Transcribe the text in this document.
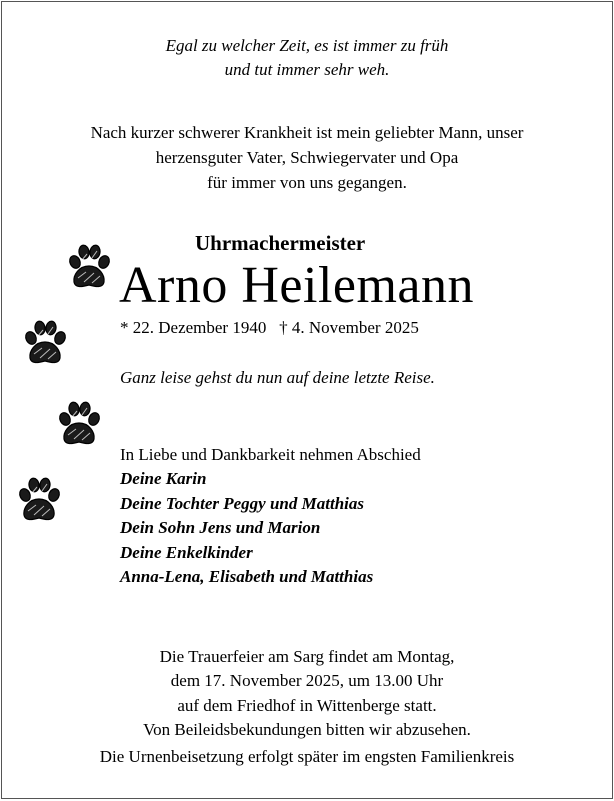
Egal zu welcher Zeit, es ist immer zu früh
und tut immer sehr weh.
Nach kurzer schwerer Krankheit ist mein geliebter Mann, unser
herzensguter Vater, Schwiegervater und Opa
für immer von uns gegangen.
Uhrmachermeister
Arno Heilemann
* 22. Dezember 1940   † 4. November 2025
Ganz leise gehst du nun auf deine letzte Reise.
In Liebe und Dankbarkeit nehmen Abschied
Deine Karin
Deine Tochter Peggy und Matthias
Dein Sohn Jens und Marion
Deine Enkelkinder
Anna-Lena, Elisabeth und Matthias
Die Trauerfeier am Sarg findet am Montag,
dem 17. November 2025, um 13.00 Uhr
auf dem Friedhof in Wittenberge statt.
Von Beileidsbekundungen bitten wir abzusehen.
Die Urnenbeisetzung erfolgt später im engsten Familienkreis
